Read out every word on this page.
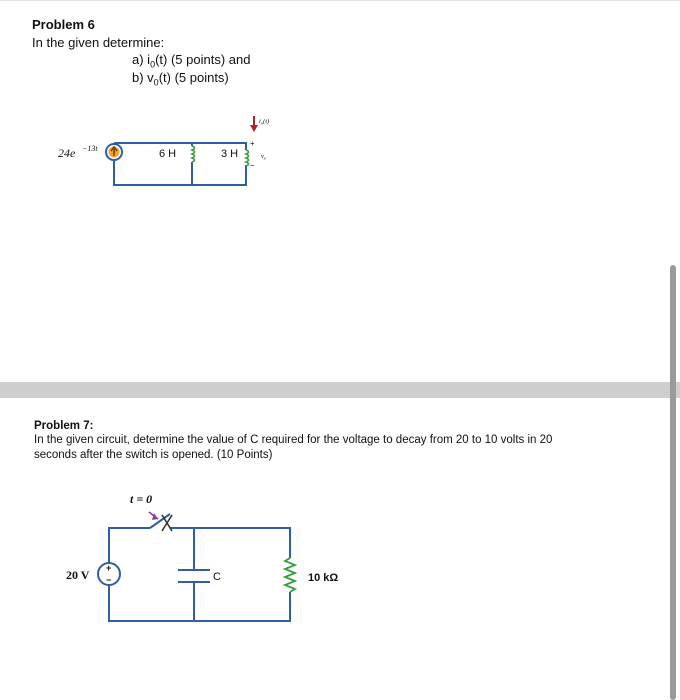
Problem 6
In the given determine:
a) $i_0(t)$ (5 points) and
b) $v_0(t)$ (5 points)
24e −13t	6 H	3 H
$i_o(t)$
+
$v_o$
−
Problem 7:
In the given circuit, determine the value of C required for the voltage to decay from 20 to 10 volts in 20
seconds after the switch is opened. (10 Points)
t = 0
20 V +
−	C	10 kΩ
